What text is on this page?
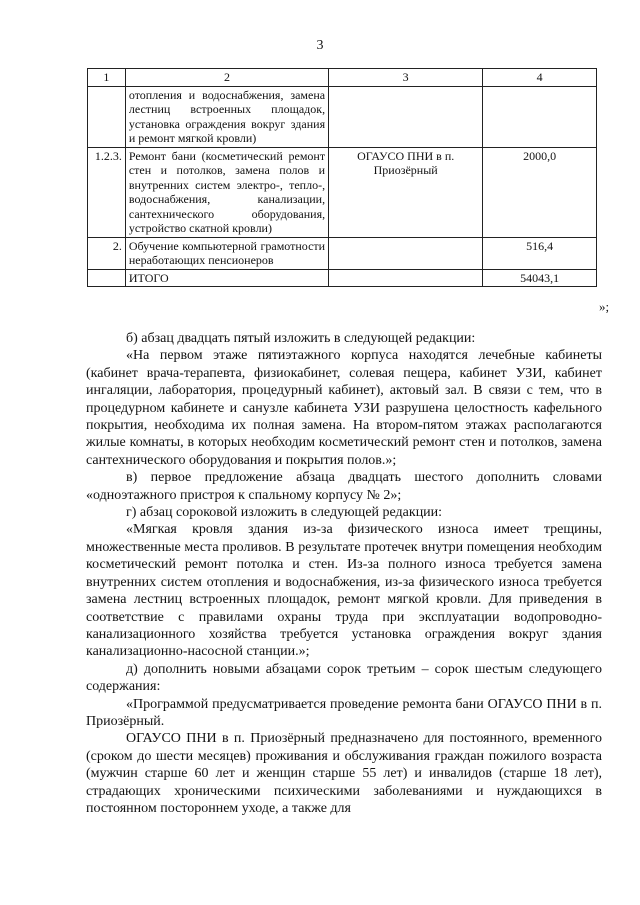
3
1	2	3	4
	отопления и водоснабжения, замена лестниц встроенных площадок, установка ограждения вокруг здания и ремонт мягкой кровли)		
1.2.3.	Ремонт бани (косметический ремонт стен и потолков, замена полов и внутренних систем электро-, тепло-, водоснабжения, канализации, сантехнического оборудования, устройство скатной кровли)	ОГАУСО ПНИ в п. Приозёрный	2000,0
2.	Обучение компьютерной грамотности неработающих пенсионеров		516,4
	ИТОГО		54043,1
»;

б) абзац двадцать пятый изложить в следующей редакции:

«На первом этаже пятиэтажного корпуса находятся лечебные кабинеты (кабинет врача-терапевта, физиокабинет, солевая пещера, кабинет УЗИ, кабинет ингаляции, лаборатория, процедурный кабинет), актовый зал. В связи с тем, что в процедурном кабинете и санузле кабинета УЗИ разрушена целостность кафельного покрытия, необходима их полная замена. На втором-пятом этажах располагаются жилые комнаты, в которых необходим косметический ремонт стен и потолков, замена сантехнического оборудования и покрытия полов.»;

в) первое предложение абзаца двадцать шестого дополнить словами «одноэтажного пристроя к спальному корпусу № 2»;

г) абзац сороковой изложить в следующей редакции:

«Мягкая кровля здания из-за физического износа имеет трещины, множественные места проливов. В результате протечек внутри помещения необходим косметический ремонт потолка и стен. Из-за полного износа требуется замена внутренних систем отопления и водоснабжения, из-за физического износа требуется замена лестниц встроенных площадок, ремонт мягкой кровли. Для приведения в соответствие с правилами охраны труда при эксплуатации водопроводно-канализационного хозяйства требуется установка ограждения вокруг здания канализационно-насосной станции.»;

д) дополнить новыми абзацами сорок третьим – сорок шестым следующего содержания:

«Программой предусматривается проведение ремонта бани ОГАУСО ПНИ в п. Приозёрный.

ОГАУСО ПНИ в п. Приозёрный предназначено для постоянного, временного (сроком до шести месяцев) проживания и обслуживания граждан пожилого возраста (мужчин старше 60 лет и женщин старше 55 лет) и инвалидов (старше 18 лет), страдающих хроническими психическими заболеваниями и нуждающихся в постоянном постороннем уходе, а также для
